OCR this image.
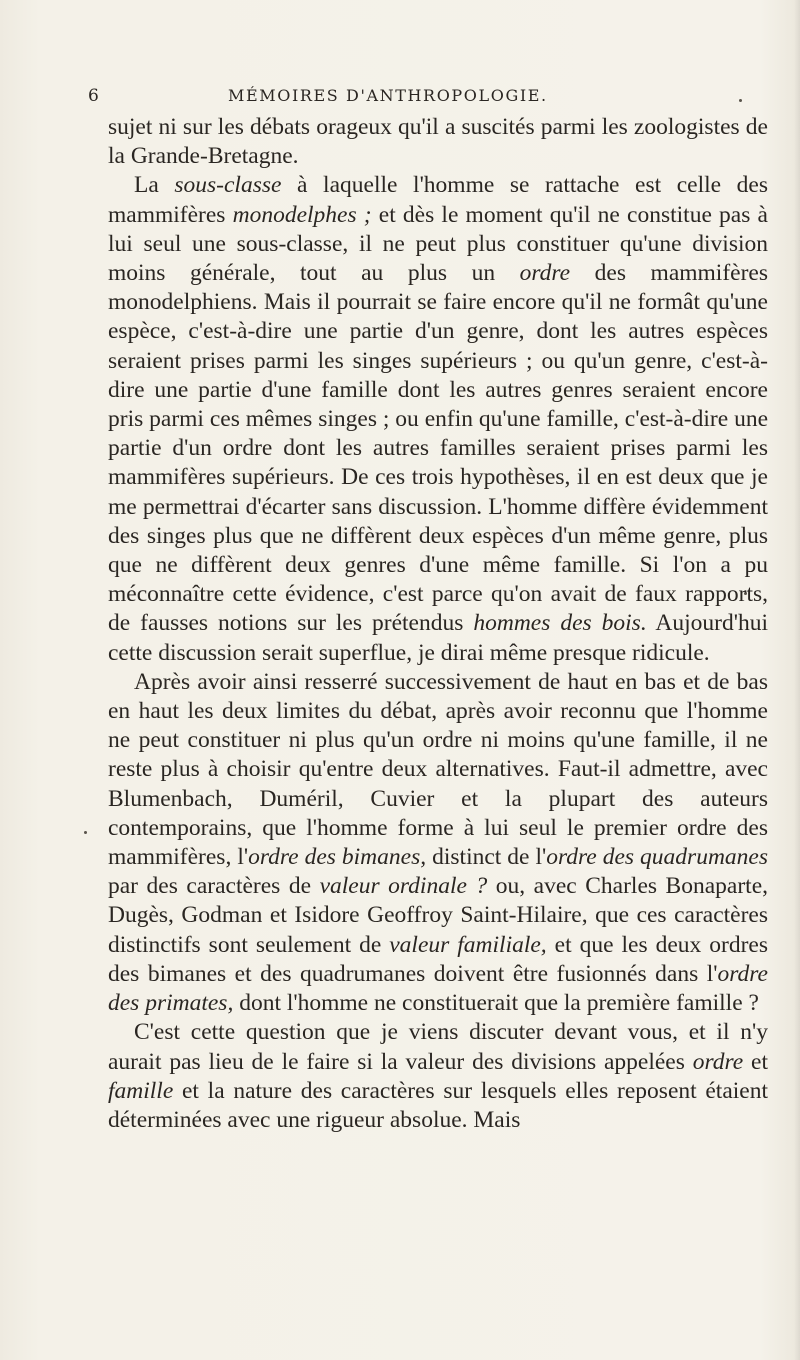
6	MÉMOIRES D'ANTHROPOLOGIE.

sujet ni sur les débats orageux qu'il a suscités parmi les zoologistes de la Grande-Bretagne.

La sous-classe à laquelle l'homme se rattache est celle des mammifères monodelphes ; et dès le moment qu'il ne constitue pas à lui seul une sous-classe, il ne peut plus constituer qu'une division moins générale, tout au plus un ordre des mammifères monodelphiens. Mais il pourrait se faire encore qu'il ne formât qu'une espèce, c'est-à-dire une partie d'un genre, dont les autres espèces seraient prises parmi les singes supérieurs ; ou qu'un genre, c'est-à-dire une partie d'une famille dont les autres genres seraient encore pris parmi ces mêmes singes ; ou enfin qu'une famille, c'est-à-dire une partie d'un ordre dont les autres familles seraient prises parmi les mammifères supérieurs. De ces trois hypothèses, il en est deux que je me permettrai d'écarter sans discussion. L'homme diffère évidemment des singes plus que ne diffèrent deux espèces d'un même genre, plus que ne diffèrent deux genres d'une même famille. Si l'on a pu méconnaître cette évidence, c'est parce qu'on avait de faux rapports, de fausses notions sur les prétendus hommes des bois. Aujourd'hui cette discussion serait superflue, je dirai même presque ridicule.

Après avoir ainsi resserré successivement de haut en bas et de bas en haut les deux limites du débat, après avoir reconnu que l'homme ne peut constituer ni plus qu'un ordre ni moins qu'une famille, il ne reste plus à choisir qu'entre deux alternatives. Faut-il admettre, avec Blumenbach, Duméril, Cuvier et la plupart des auteurs contemporains, que l'homme forme à lui seul le premier ordre des mammifères, l'ordre des bimanes, distinct de l'ordre des quadrumanes par des caractères de valeur ordinale ? ou, avec Charles Bonaparte, Dugès, Godman et Isidore Geoffroy Saint-Hilaire, que ces caractères distinctifs sont seulement de valeur familiale, et que les deux ordres des bimanes et des quadrumanes doivent être fusionnés dans l'ordre des primates, dont l'homme ne constituerait que la première famille ?

C'est cette question que je viens discuter devant vous, et il n'y aurait pas lieu de le faire si la valeur des divisions appelées ordre et famille et la nature des caractères sur lesquels elles reposent étaient déterminées avec une rigueur absolue. Mais
